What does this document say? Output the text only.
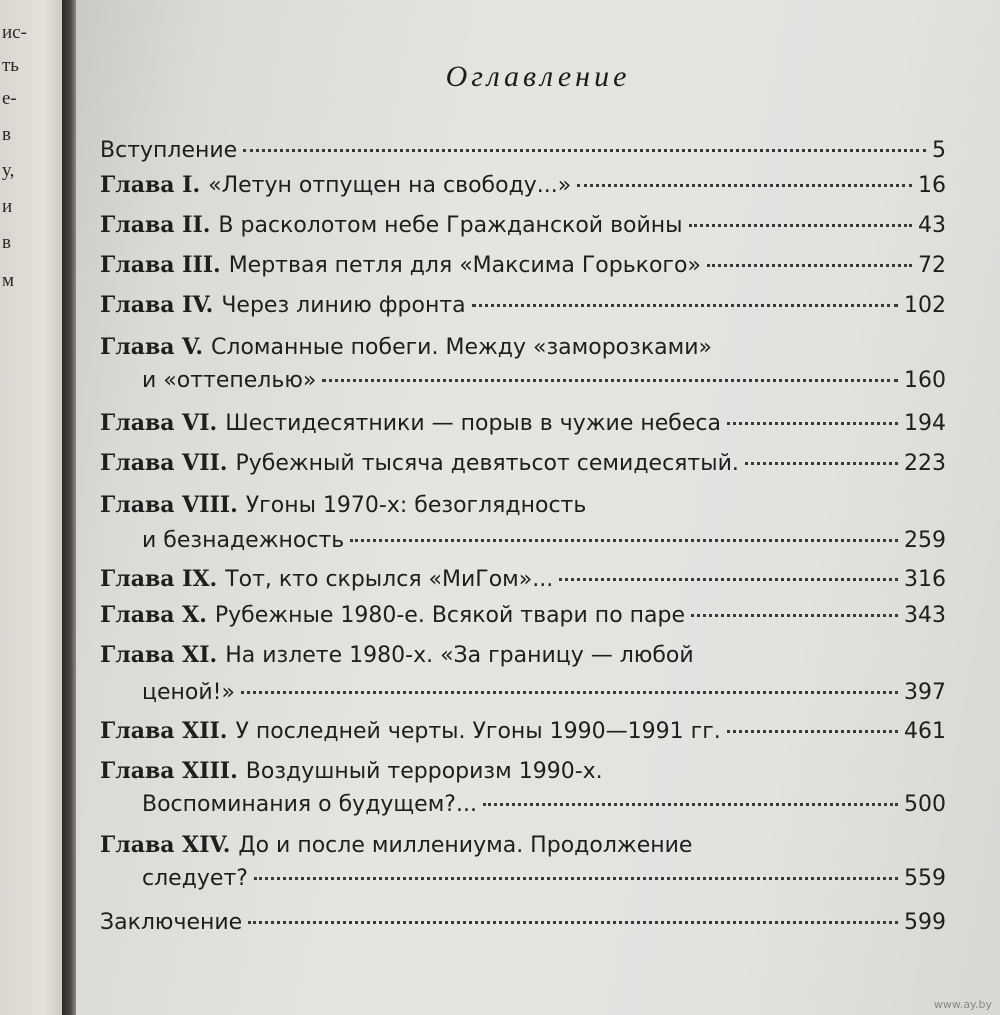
ис-
ть
е-
в
у,
и
в
м
Оглавление
Вступление	5
Глава I. «Летун отпущен на свободу...»	16
Глава II. В расколотом небе Гражданской войны	43
Глава III. Мертвая петля для «Максима Горького»	72
Глава IV. Через линию фронта	102
Глава V. Сломанные побеги. Между «заморозками»
и «оттепелью»	160
Глава VI. Шестидесятники — порыв в чужие небеса	194
Глава VII. Рубежный тысяча девятьсот семидесятый.	223
Глава VIII. Угоны 1970-х: безоглядность
и безнадежность	259
Глава IX. Тот, кто скрылся «МиГом»...	316
Глава X. Рубежные 1980-е. Всякой твари по паре	343
Глава XI. На излете 1980-х. «За границу — любой
ценой!»	397
Глава XII. У последней черты. Угоны 1990—1991 гг.	461
Глава XIII. Воздушный терроризм 1990-х.
Воспоминания о будущем?...	500
Глава XIV. До и после миллениума. Продолжение
следует?	559
Заключение	599
www.ay.by
